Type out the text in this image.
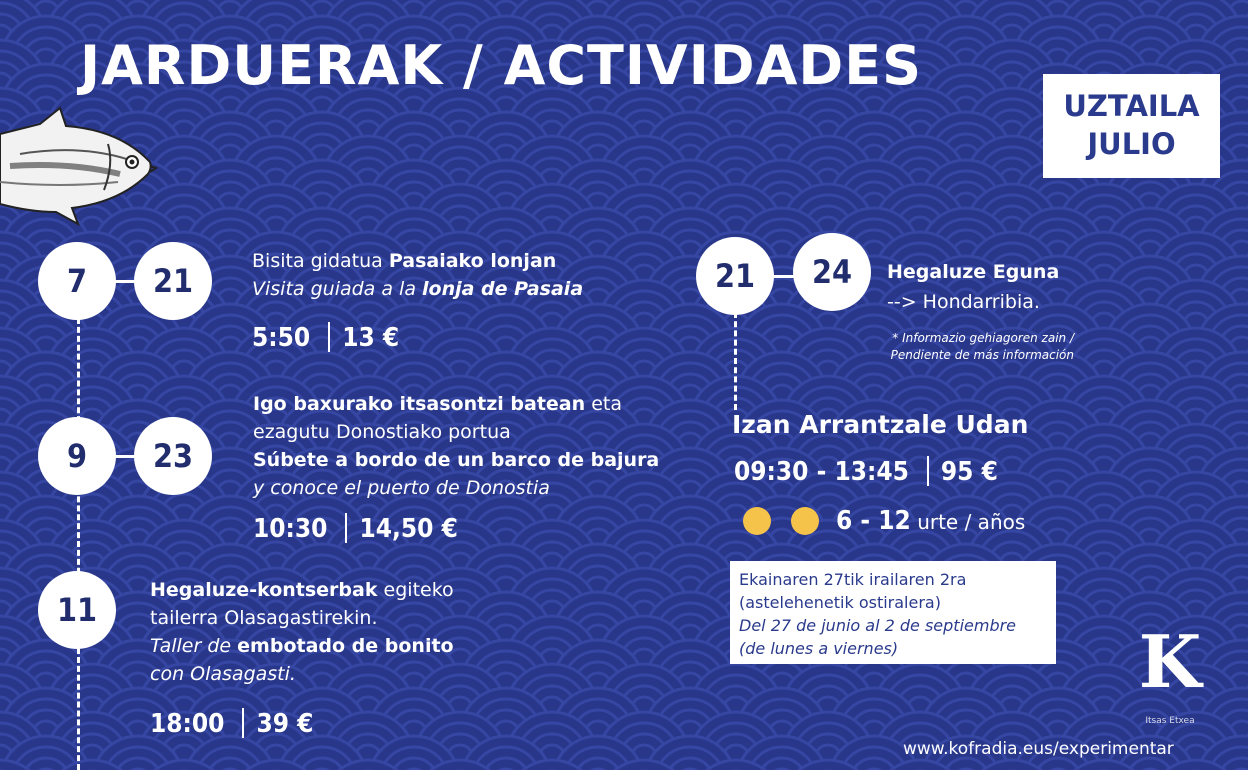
JARDUERAK / ACTIVIDADES
UZTAILA
JULIO
7	21
Bisita gidatua Pasaiako lonjan
Visita guiada a la lonja de Pasaia
5:50 13 €
9	23
Igo baxurako itsasontzi batean eta
ezagutu Donostiako portua
Súbete a bordo de un barco de bajura
y conoce el puerto de Donostia
10:30 14,50 €
11
Hegaluze-kontserbak egiteko
tailerra Olasagastirekin.
Taller de embotado de bonito
con Olasagasti.
18:00 39 €
21	24	Hegaluze Eguna
--> Hondarribia.
* Informazio gehiagoren zain /
Pendiente de más información
Izan Arrantzale Udan
09:30 - 13:45 95 €
6 - 12 urte / años
Ekainaren 27tik irailaren 2ra
(astelehenetik ostiralera)
Del 27 de junio al 2 de septiembre
(de lunes a viernes)	K
Itsas Etxea
www.kofradia.eus/experimentar
